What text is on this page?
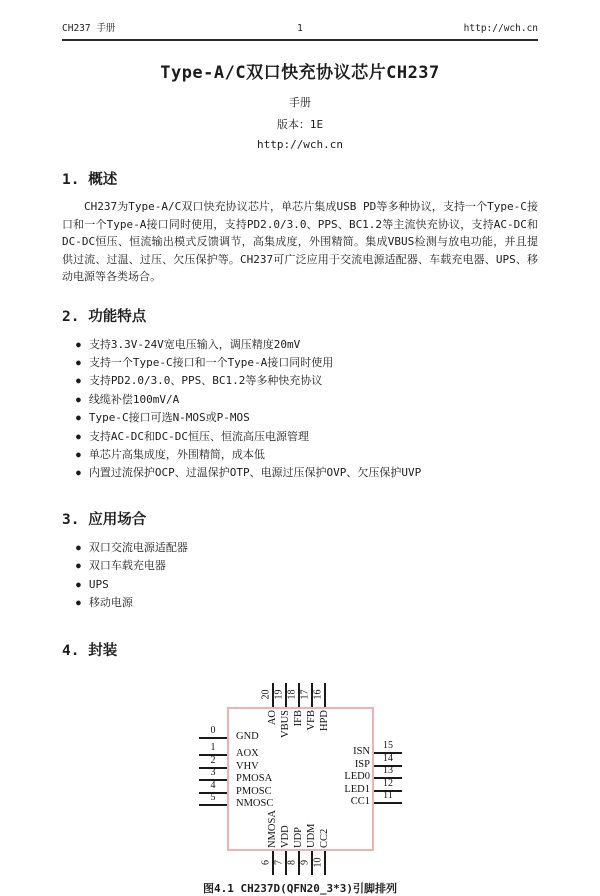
CH237 手册	1	http://wch.cn
Type-A/C双口快充协议芯片CH237
手册
版本：1E
http://wch.cn
1. 概述

CH237为Type-A/C双口快充协议芯片，单芯片集成USB PD等多种协议，支持一个Type-C接口和一个Type-A接口同时使用，支持PD2.0/3.0、PPS、BC1.2等主流快充协议，支持AC-DC和DC-DC恒压、恒流输出模式反馈调节，高集成度，外围精简。集成VBUS检测与放电功能，并且提供过流、过温、过压、欠压保护等。CH237可广泛应用于交流电源适配器、车载充电器、UPS、移动电源等各类场合。

2. 功能特点
● 支持3.3V-24V宽电压输入，调压精度20mV
● 支持一个Type-C接口和一个Type-A接口同时使用
● 支持PD2.0/3.0、PPS、BC1.2等多种快充协议
● 线缆补偿100mV/A
● Type-C接口可选N-MOS或P-MOS
● 支持AC-DC和DC-DC恒压、恒流高压电源管理
● 单芯片高集成度，外围精简，成本低
● 内置过流保护OCP、过温保护OTP、电源过压保护OVP、欠压保护UVP
3. 应用场合
● 双口交流电源适配器
● 双口车载充电器
● UPS
● 移动电源
4. 封装
0
GND
1
AOX
2
VHV
3
PMOSA
4
PMOSC
5
NMOSC
15
ISN
14
ISP
13
LED0
12
LED1
11
CC1
20
AO
19
VBUS
18
IFB
17
VFB
16
HPD
6
NMOSA
7
VDD
8
UDP
9
UDM
10
CC2
图4.1 CH237D(QFN20_3*3)引脚排列
